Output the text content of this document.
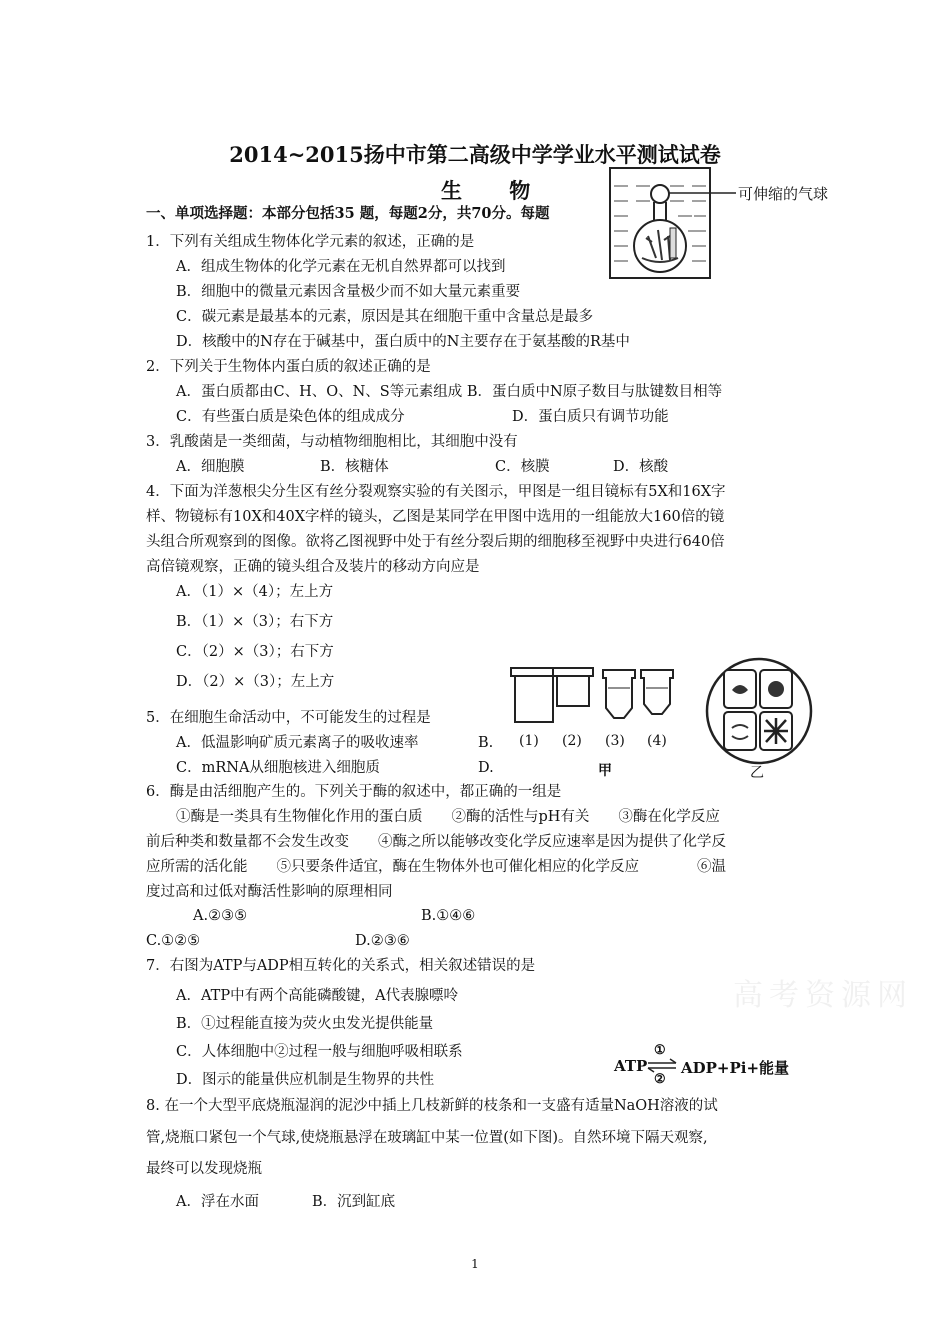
2014~2015扬中市第二高级中学学业水平测试试卷
生 物
一、单项选择题：本部分包括35 题，每题2分，共70分。每题
1．下列有关组成生物体化学元素的叙述，正确的是
A．组成生物体的化学元素在无机自然界都可以找到
B．细胞中的微量元素因含量极少而不如大量元素重要
C．碳元素是最基本的元素，原因是其在细胞干重中含量总是最多
D．核酸中的N存在于碱基中，蛋白质中的N主要存在于氨基酸的R基中
2．下列关于生物体内蛋白质的叙述正确的是
A．蛋白质都由C、H、O、N、S等元素组成 B．蛋白质中N原子数目与肽键数目相等
C．有些蛋白质是染色体的组成成分	D．蛋白质只有调节功能
3．乳酸菌是一类细菌，与动植物细胞相比，其细胞中没有
A．细胞膜	B．核糖体	C．核膜	D．核酸
4．下面为洋葱根尖分生区有丝分裂观察实验的有关图示，甲图是一组目镜标有5X和16X字
样、物镜标有10X和40X字样的镜头，乙图是某同学在甲图中选用的一组能放大160倍的镜
头组合所观察到的图像。欲将乙图视野中处于有丝分裂后期的细胞移至视野中央进行640倍
高倍镜观察，正确的镜头组合及装片的移动方向应是
A．（1）×（4）；左上方
B．（1）×（3）；右下方
C．（2）×（3）；右下方
D．（2）×（3）；左上方
5．在细胞生命活动中，不可能发生的过程是
A．低温影响矿质元素离子的吸收速率	B.
C．mRNA从细胞核进入细胞质	D.
6．酶是由活细胞产生的。下列关于酶的叙述中，都正确的一组是
①酶是一类具有生物催化作用的蛋白质　　②酶的活性与pH有关　　③酶在化学反应
前后种类和数量都不会发生改变　　④酶之所以能够改变化学反应速率是因为提供了化学反
应所需的活化能　　⑤只要条件适宜，酶在生物体外也可催化相应的化学反应　　　　⑥温
度过高和过低对酶活性影响的原理相同
A.②③⑤	B.①④⑥
C.①②⑤	D.②③⑥
7．右图为ATP与ADP相互转化的关系式，相关叙述错误的是
A．ATP中有两个高能磷酸键，A代表腺嘌呤
B．①过程能直接为荧火虫发光提供能量
C．人体细胞中②过程一般与细胞呼吸相联系
D．图示的能量供应机制是生物界的共性
8. 在一个大型平底烧瓶湿润的泥沙中插上几枝新鲜的枝条和一支盛有适量NaOH溶液的试
管,烧瓶口紧包一个气球,使烧瓶悬浮在玻璃缸中某一位置(如下图)。自然环境下隔天观察,
最终可以发现烧瓶
A．浮在水面	B．沉到缸底
高考资源网
可伸缩的气球
(1) (2) (3) (4)
甲	乙
ATP
①
②
ADP+Pi+能量
1
